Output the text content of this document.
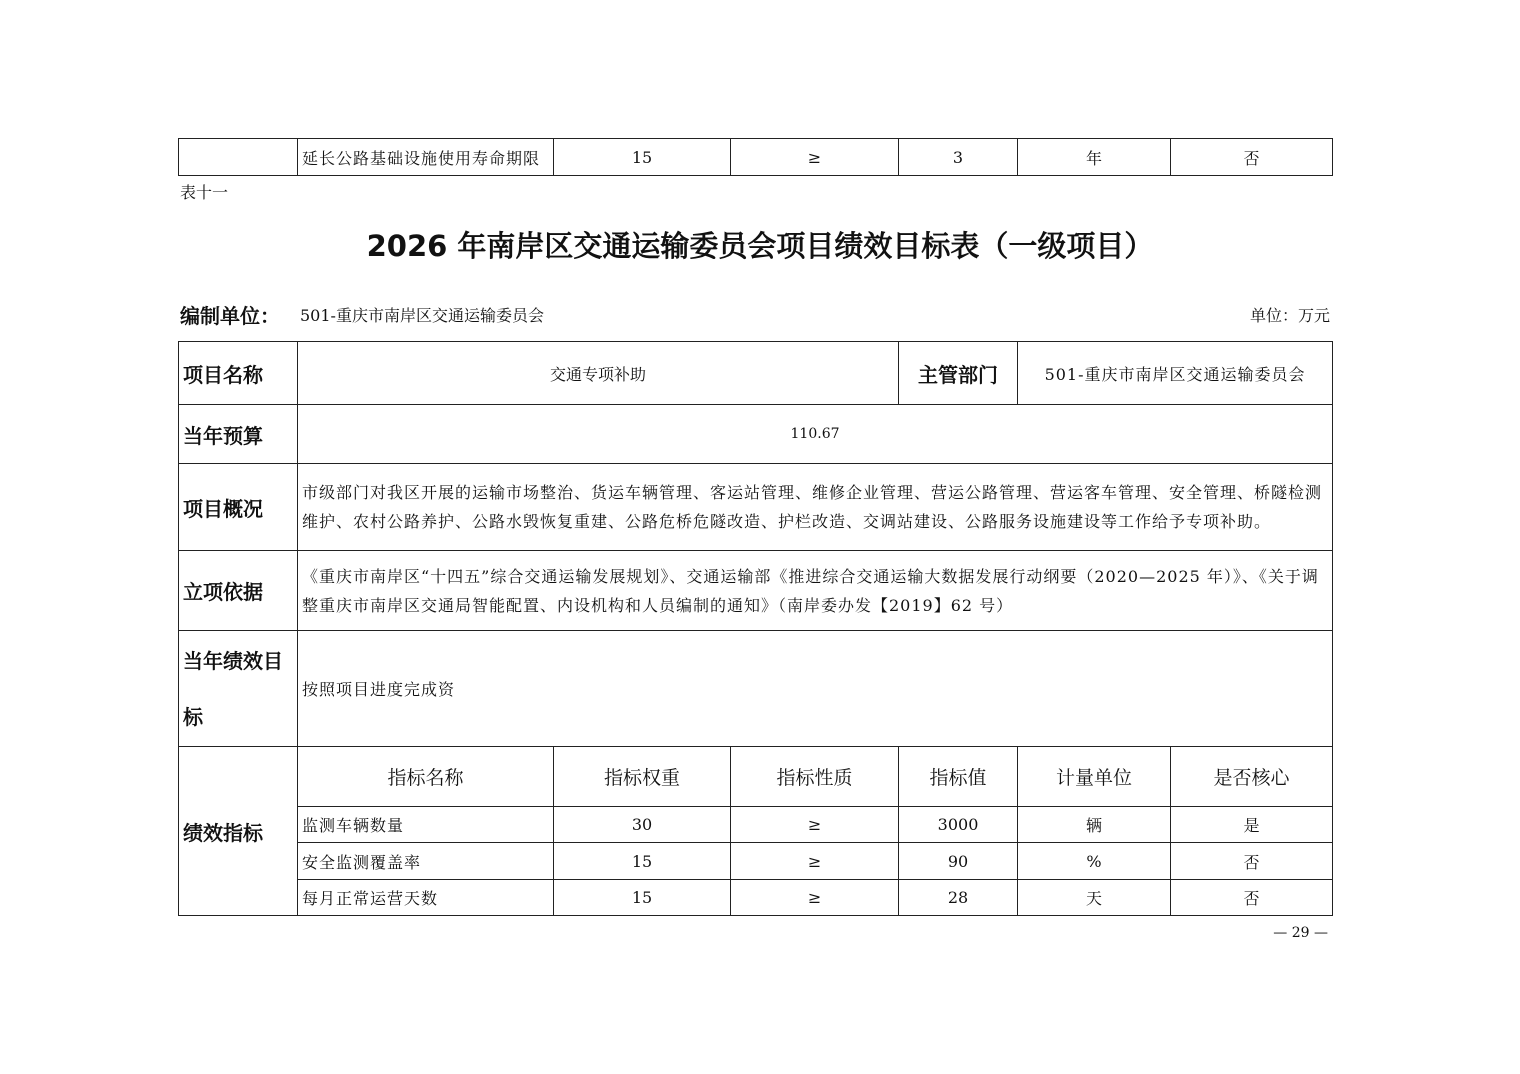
	延长公路基础设施使用寿命期限	15	≥	3	年	否
表十一
2026 年南岸区交通运输委员会项目绩效目标表（一级项目）
编制单位： 501-重庆市南岸区交通运输委员会	单位：万元
项目名称	交通专项补助			主管部门	501-重庆市南岸区交通运输委员会	
当年预算	110.67					
项目概况	市级部门对我区开展的运输市场整治、货运车辆管理、客运站管理、维修企业管理、营运公路管理、营运客车管理、安全管理、桥隧检测维护、农村公路养护、公路水毁恢复重建、公路危桥危隧改造、护栏改造、交调站建设、公路服务设施建设等工作给予专项补助。					
立项依据	《重庆市南岸区“十四五”综合交通运输发展规划》、交通运输部《推进综合交通运输大数据发展行动纲要（2020—2025 年）》、《关于调整重庆市南岸区交通局智能配置、内设机构和人员编制的通知》（南岸委办发【2019】62 号）					
当年绩效目标	按照项目进度完成资					
绩效指标	指标名称	指标权重	指标性质	指标值	计量单位	是否核心
	监测车辆数量	30	≥	3000	辆	是
	安全监测覆盖率	15	≥	90	%	否
	每月正常运营天数	15	≥	28	天	否
— 29 —
